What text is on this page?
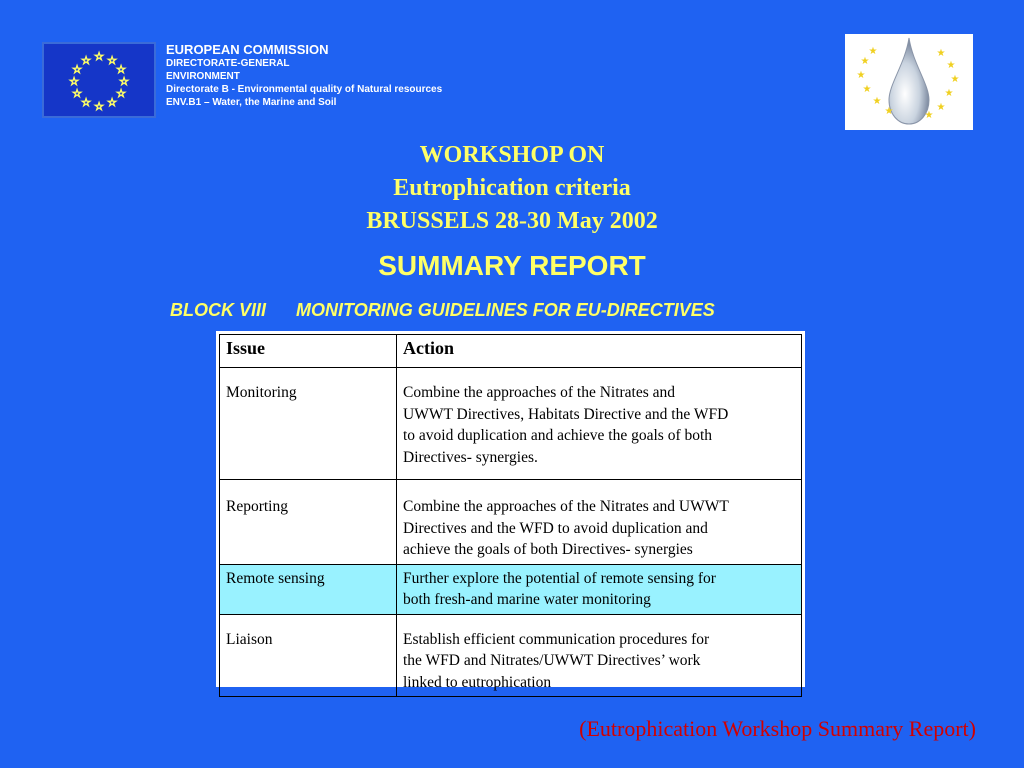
☆ ☆
☆
☆
☆
☆
☆
☆
☆
☆
☆
☆
EUROPEAN COMMISSION
DIRECTORATE-GENERAL
ENVIRONMENT
Directorate B - Environmental quality of Natural resources
ENV.B1 – Water, the Marine and Soil
★
★
★
★
★
★
★
★
★
★
★
★
WORKSHOP ON
Eutrophication criteria
BRUSSELS 28-30 May 2002
SUMMARY REPORT
BLOCK VIII MONITORING GUIDELINES FOR EU-DIRECTIVES
Issue	Action
Monitoring	Combine the approaches of the Nitrates and
UWWT Directives, Habitats Directive and the WFD
to avoid duplication and achieve the goals of both
Directives- synergies.

Reporting	Combine the approaches of the Nitrates and UWWT
Directives and the WFD to avoid duplication and
achieve the goals of both Directives- synergies

Remote sensing	Further explore the potential of remote sensing for
both fresh-and marine water monitoring

Liaison	Establish efficient communication procedures for
the WFD and Nitrates/UWWT Directives’ work
linked to eutrophication
(Eutrophication Workshop Summary Report)
